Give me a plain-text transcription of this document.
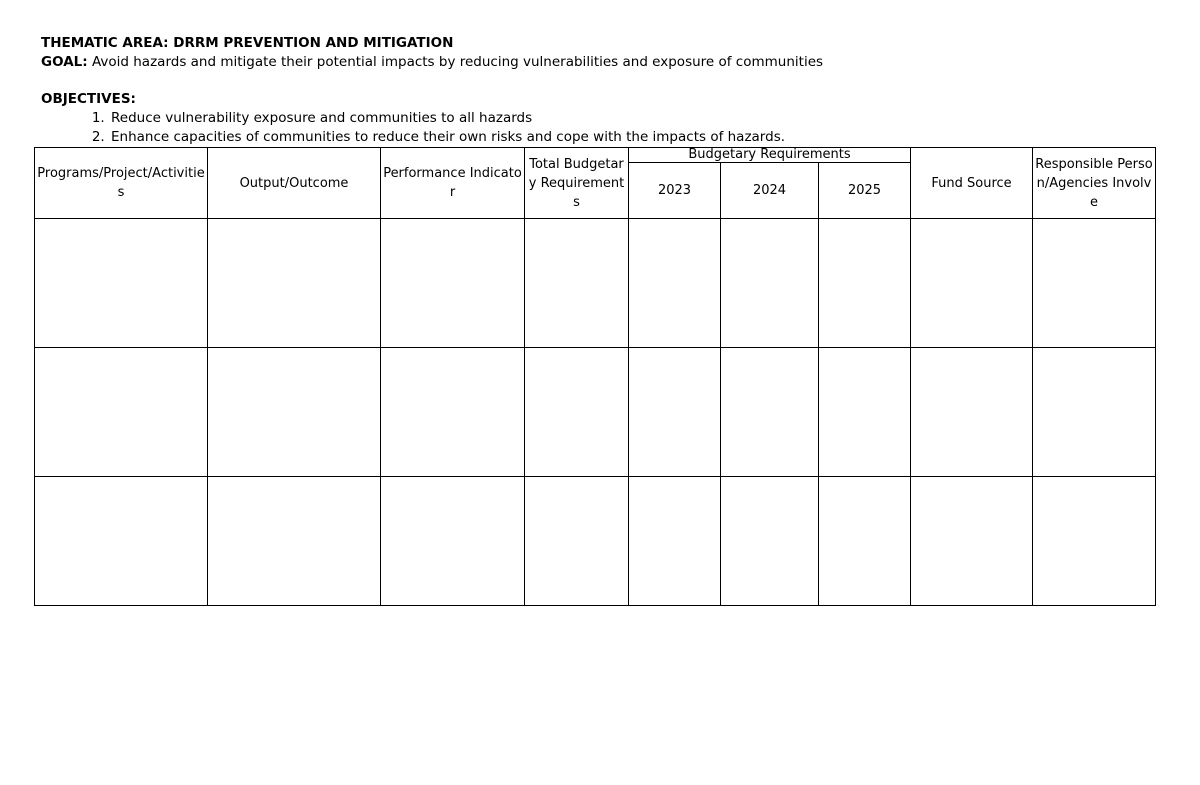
THEMATIC AREA: DRRM PREVENTION AND MITIGATION
GOAL: Avoid hazards and mitigate their potential impacts by reducing vulnerabilities and exposure of communities
OBJECTIVES:
1. Reduce vulnerability exposure and communities to all hazards
2. Enhance capacities of communities to reduce their own risks and cope with the impacts of hazards.
Programs/Project/Activities	Output/Outcome	Performance Indicator	Total Budgetary Requirements	Budgetary Requirements			Fund Source	Responsible Person/Agencies Involve
				2023	2024	2025		
